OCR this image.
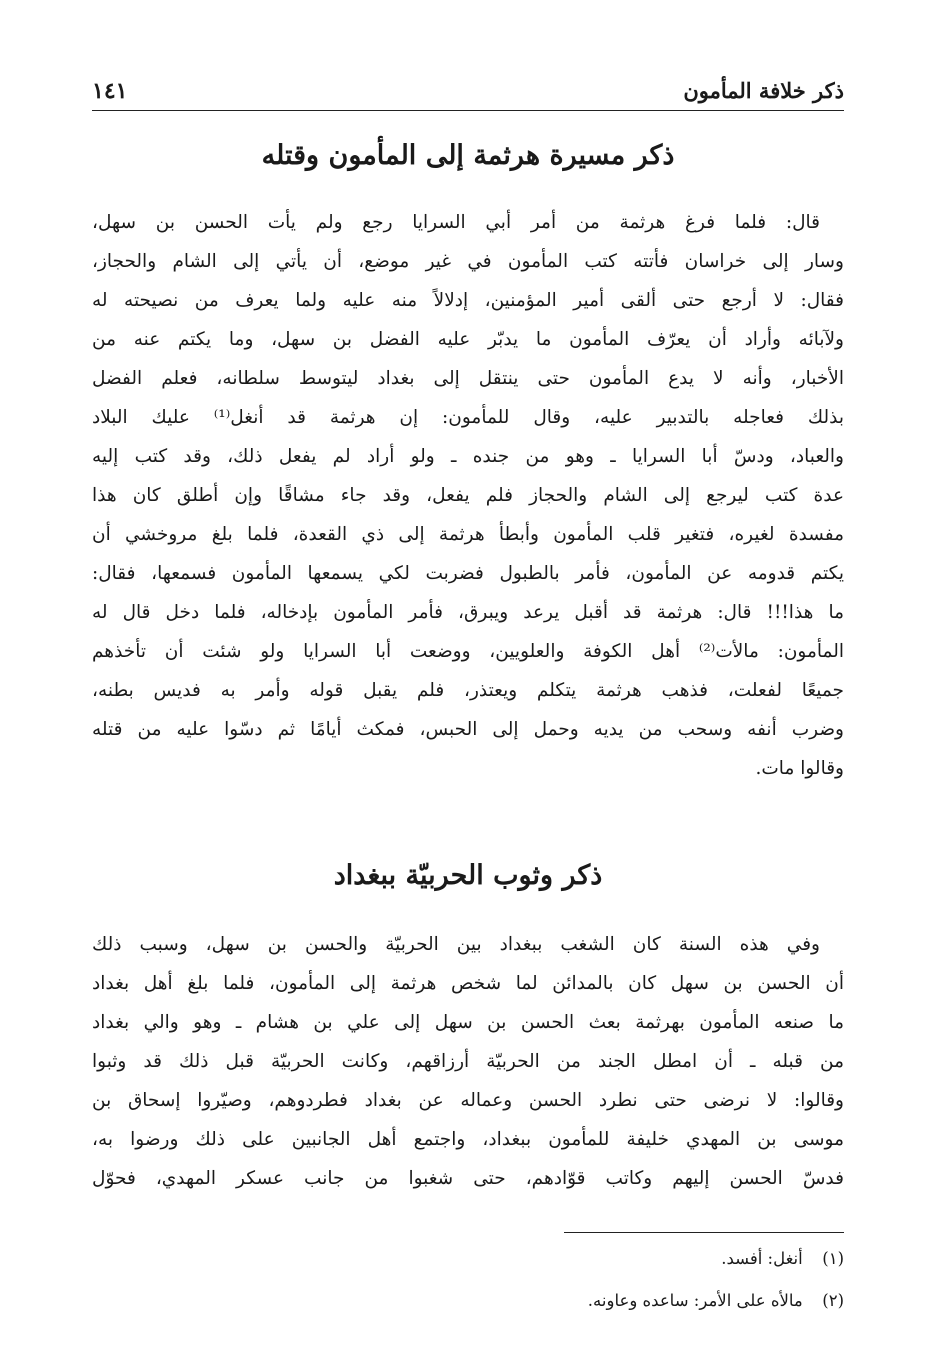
ذكر خلافة المأمون
١٤١
ذكر مسيرة هرثمة إلى المأمون وقتله
قال: فلما فرغ هرثمة من أمر أبي السرايا رجع ولم يأت الحسن بن سهل،
وسار إلى خراسان فأتته كتب المأمون في غير موضع، أن يأتي إلى الشام والحجاز،
فقال: لا أرجع حتى ألقى أمير المؤمنين، إدلالاً منه عليه ولما يعرف من نصيحته له
ولآبائه وأراد أن يعرّف المأمون ما يدبّر عليه الفضل بن سهل، وما يكتم عنه من
الأخبار، وأنه لا يدع المأمون حتى ينتقل إلى بغداد ليتوسط سلطانه، فعلم الفضل
بذلك فعاجله بالتدبير عليه، وقال للمأمون: إن هرثمة قد أنغل⁽¹⁾ عليك البلاد
والعباد، ودسّ أبا السرايا ـ وهو من جنده ـ ولو أراد لم يفعل ذلك، وقد كتب إليه
عدة كتب ليرجع إلى الشام والحجاز فلم يفعل، وقد جاء مشاقًا وإن أطلق كان هذا
مفسدة لغيره، فتغير قلب المأمون وأبطأ هرثمة إلى ذي القعدة، فلما بلغ مروخشي أن
يكتم قدومه عن المأمون، فأمر بالطبول فضربت لكي يسمعها المأمون فسمعها، فقال:
ما هذا!!! قال: هرثمة قد أقبل يرعد ويبرق، فأمر المأمون بإدخاله، فلما دخل قال له
المأمون: مالأت⁽²⁾ أهل الكوفة والعلويين، ووضعت أبا السرايا ولو شئت أن تأخذهم
جميعًا لفعلت، فذهب هرثمة يتكلم ويعتذر، فلم يقبل قوله وأمر به فديس بطنه،
وضرب أنفه وسحب من يديه وحمل إلى الحبس، فمكث أيامًا ثم دسّوا عليه من قتله
وقالوا مات.
ذكر وثوب الحربيّة ببغداد
وفي هذه السنة كان الشغب ببغداد بين الحربيّة والحسن بن سهل، وسبب ذلك
أن الحسن بن سهل كان بالمدائن لما شخص هرثمة إلى المأمون، فلما بلغ أهل بغداد
ما صنعه المأمون بهرثمة بعث الحسن بن سهل إلى علي بن هشام ـ وهو والي بغداد
من قبله ـ أن امطل الجند من الحربيّة أرزاقهم، وكانت الحربيّة قبل ذلك قد وثبوا
وقالوا: لا نرضى حتى نطرد الحسن وعماله عن بغداد فطردوهم، وصيّروا إسحاق بن
موسى بن المهدي خليفة للمأمون ببغداد، واجتمع أهل الجانبين على ذلك ورضوا به،
فدسّ الحسن إليهم وكاتب قوّادهم، حتى شغبوا من جانب عسكر المهدي، فحوّل
(١) أنغل: أفسد.
(٢) مالأه على الأمر: ساعده وعاونه.
